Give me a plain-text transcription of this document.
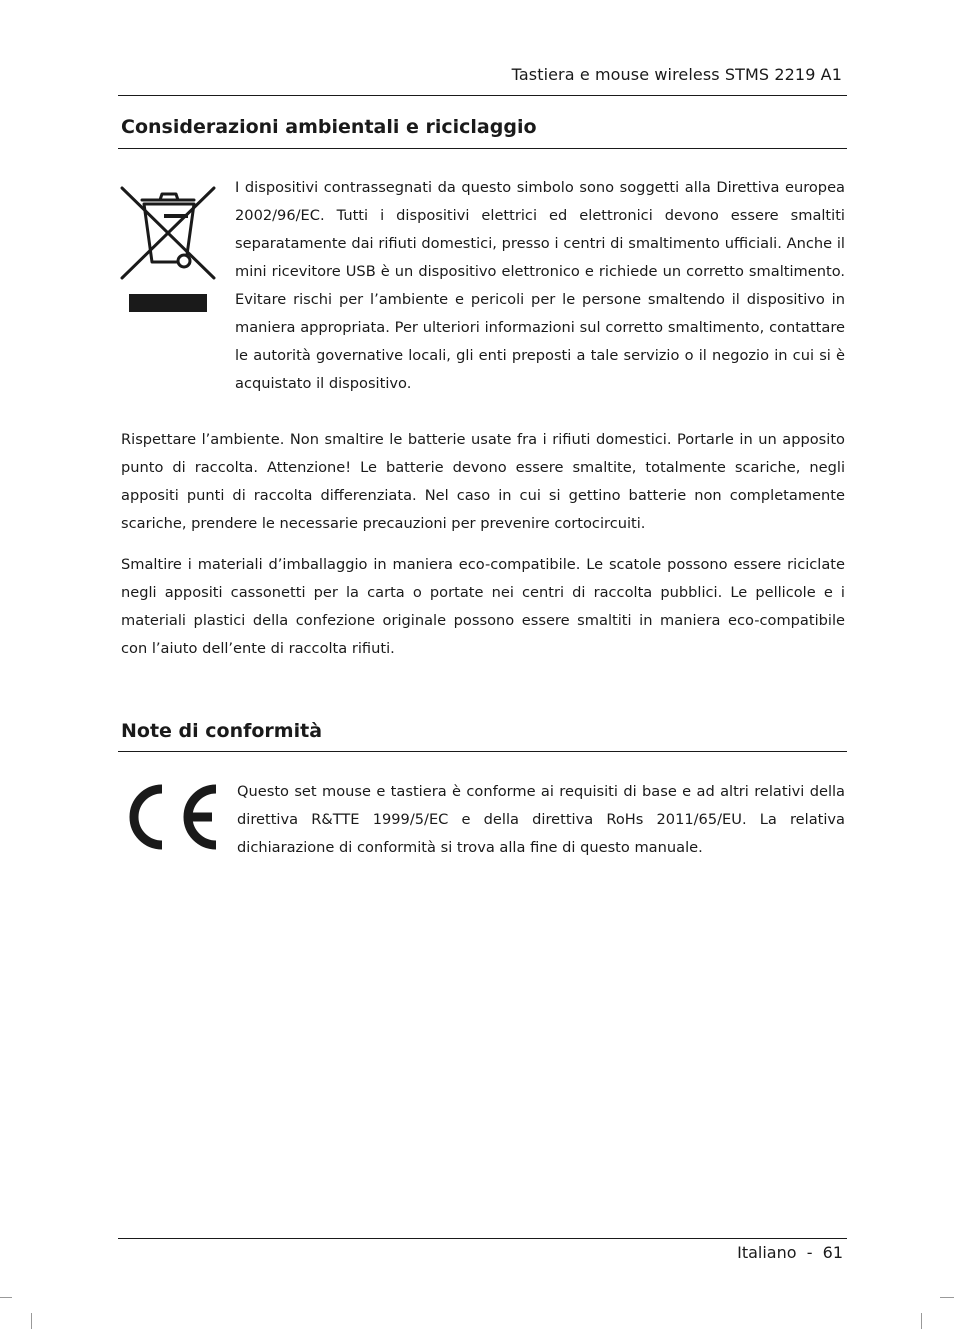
Tastiera e mouse wireless STMS 2219 A1
Considerazioni ambientali e riciclaggio

I dispositivi contrassegnati da questo simbolo sono soggetti alla Direttiva europea 2002/96/EC. Tutti i dispositivi elettrici ed elettronici devono essere smaltiti separatamente dai rifiuti domestici, presso i centri di smaltimento ufficiali. Anche il mini ricevitore USB è un dispositivo elettronico e richiede un corretto smaltimento. Evitare rischi per l’ambiente e pericoli per le persone smaltendo il dispositivo in maniera appropriata. Per ulteriori informazioni sul corretto smaltimento, contattare le autorità governative locali, gli enti preposti a tale servizio o il negozio in cui si è acquistato il dispositivo.

Rispettare l’ambiente. Non smaltire le batterie usate fra i rifiuti domestici. Portarle in un apposito punto di raccolta. Attenzione! Le batterie devono essere smaltite, totalmente scariche, negli appositi punti di raccolta differenziata. Nel caso in cui si gettino batterie non completamente scariche, prendere le necessarie precauzioni per prevenire cortocircuiti.

Smaltire i materiali d’imballaggio in maniera eco-compatibile. Le scatole possono essere riciclate negli appositi cassonetti per la carta o portate nei centri di raccolta pubblici. Le pellicole e i materiali plastici della confezione originale possono essere smaltiti in maniera eco-compatibile con l’aiuto dell’ente di raccolta rifiuti.

Note di conformità

Questo set mouse e tastiera è conforme ai requisiti di base e ad altri relativi della direttiva R&TTE 1999/5/EC e della direttiva RoHs 2011/65/EU. La relativa dichiarazione di conformità si trova alla fine di questo manuale.

Italiano - 61
